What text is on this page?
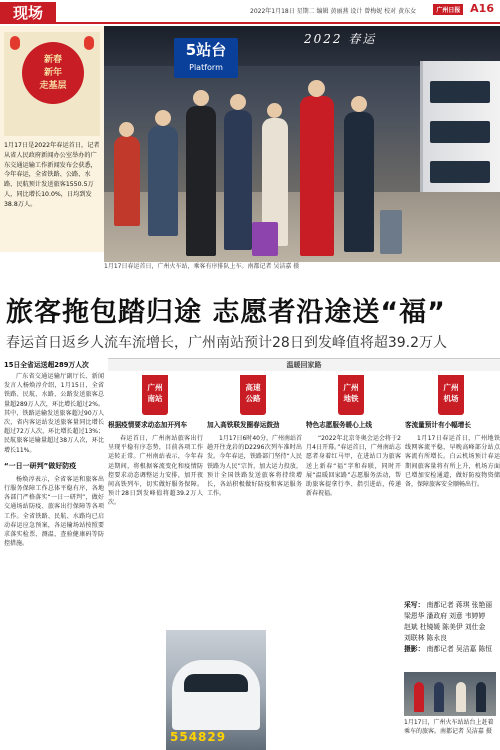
现场	2022年1月18日 星期二 编辑 黄丽燕 设计 曾梅妮 校对 黄东女	广州日报 A16
新春
新年
走基层
1月17日是2022年春运首日，记者从省人民政府新闻办公室举办的广东交通运输工作新闻发布会获悉，今年春运，全省铁路、公路、水路、民航预计发送旅客1550.5万人，同比增长10.0%，日均到发38.8万人。
2022 春运
5站台
Platform
1月17日春运首日，广州火车站，乘客有序排队上车。南都记者 吴洁嘉 摄
旅客拖包踏归途 志愿者沿途送“福”
春运首日返乡人流车流增长，广州南站预计28日到发峰值将超39.2万人
15日全省运送超289万人次
广东省交通运输厅副厅长、新闻发言人杨焕淳介绍，1月15日，全省铁路、民航、水路、公路发送旅客总量超289万人次，环比增长超过2%。其中，铁路运输发送旅客超过90万人次，省内客运站发送旅客量同比增长超过72万人次，环比增长超过13%；民航旅客运输量超过38万人次，环比增长11%。
“一日一研判”做好防疫
杨焕淳表示，全省客运和旅客出行服务保障工作总体平稳有序，各地各部门严格落实“一日一研判”，做好交通场站防疫、旅客出行保障等各项工作。全省铁路、民航、水路均已启动春运应急预案，各运输场站按照要求落实检票、测温、查验健康码等防控措施。
温暖回家路
广州
南站
高速
公路
广州
地铁
广州
机场
根据疫情要求动态加开列车
春运首日，广州南站旅客出行呈现平稳有序态势，目前各项工作运转正常。广州南站表示，今年春运期间，将根据客流变化和疫情防控要求动态调整运力安排，加开夜间高铁列车，切实做好服务保障。预计28日到发峰值将超39.2万人次。
加入高铁联发圈春运鼓劲
1月17日6时40分，广州南站首趟开往龙岩的D2296次列车准时出发。今年春运，铁路部门坚持“人民铁路为人民”宗旨，加大运力投放，预计全国铁路发送旅客将持续增长，各站积极做好防疫和客运服务工作。
特色志愿服务暖心上线
“2022年北京冬奥会运会将于2月4日开幕。”春运首日，广州南站志愿者身着红马甲，在进站口为旅客送上新春“福”字和春联，同时开展“温暖回家路”志愿服务活动，帮助旅客提拿行李、指引进站，传递新春祝福。
客流量预计有小幅增长
1月17日春运首日，广州地铁线网客流平稳，早晚高峰部分站点客流有所增长。白云机场预计春运期间旅客量将有所上升，机场方面已增加安检通道，做好防疫物资储备，保障旅客安全顺畅出行。
554829
采写： 南都记者 蒋琪 张艳丽 梁恩华 潘政府 刘意 韦婷婷 赵斌 杜镜媛 陈美伊 刘仕金 刘联林 陈永良
摄影： 南都记者 吴洁嘉 陈恒
1月17日，广州火车站站台上赶着乘车的旅客。南都记者 吴洁嘉 摄
